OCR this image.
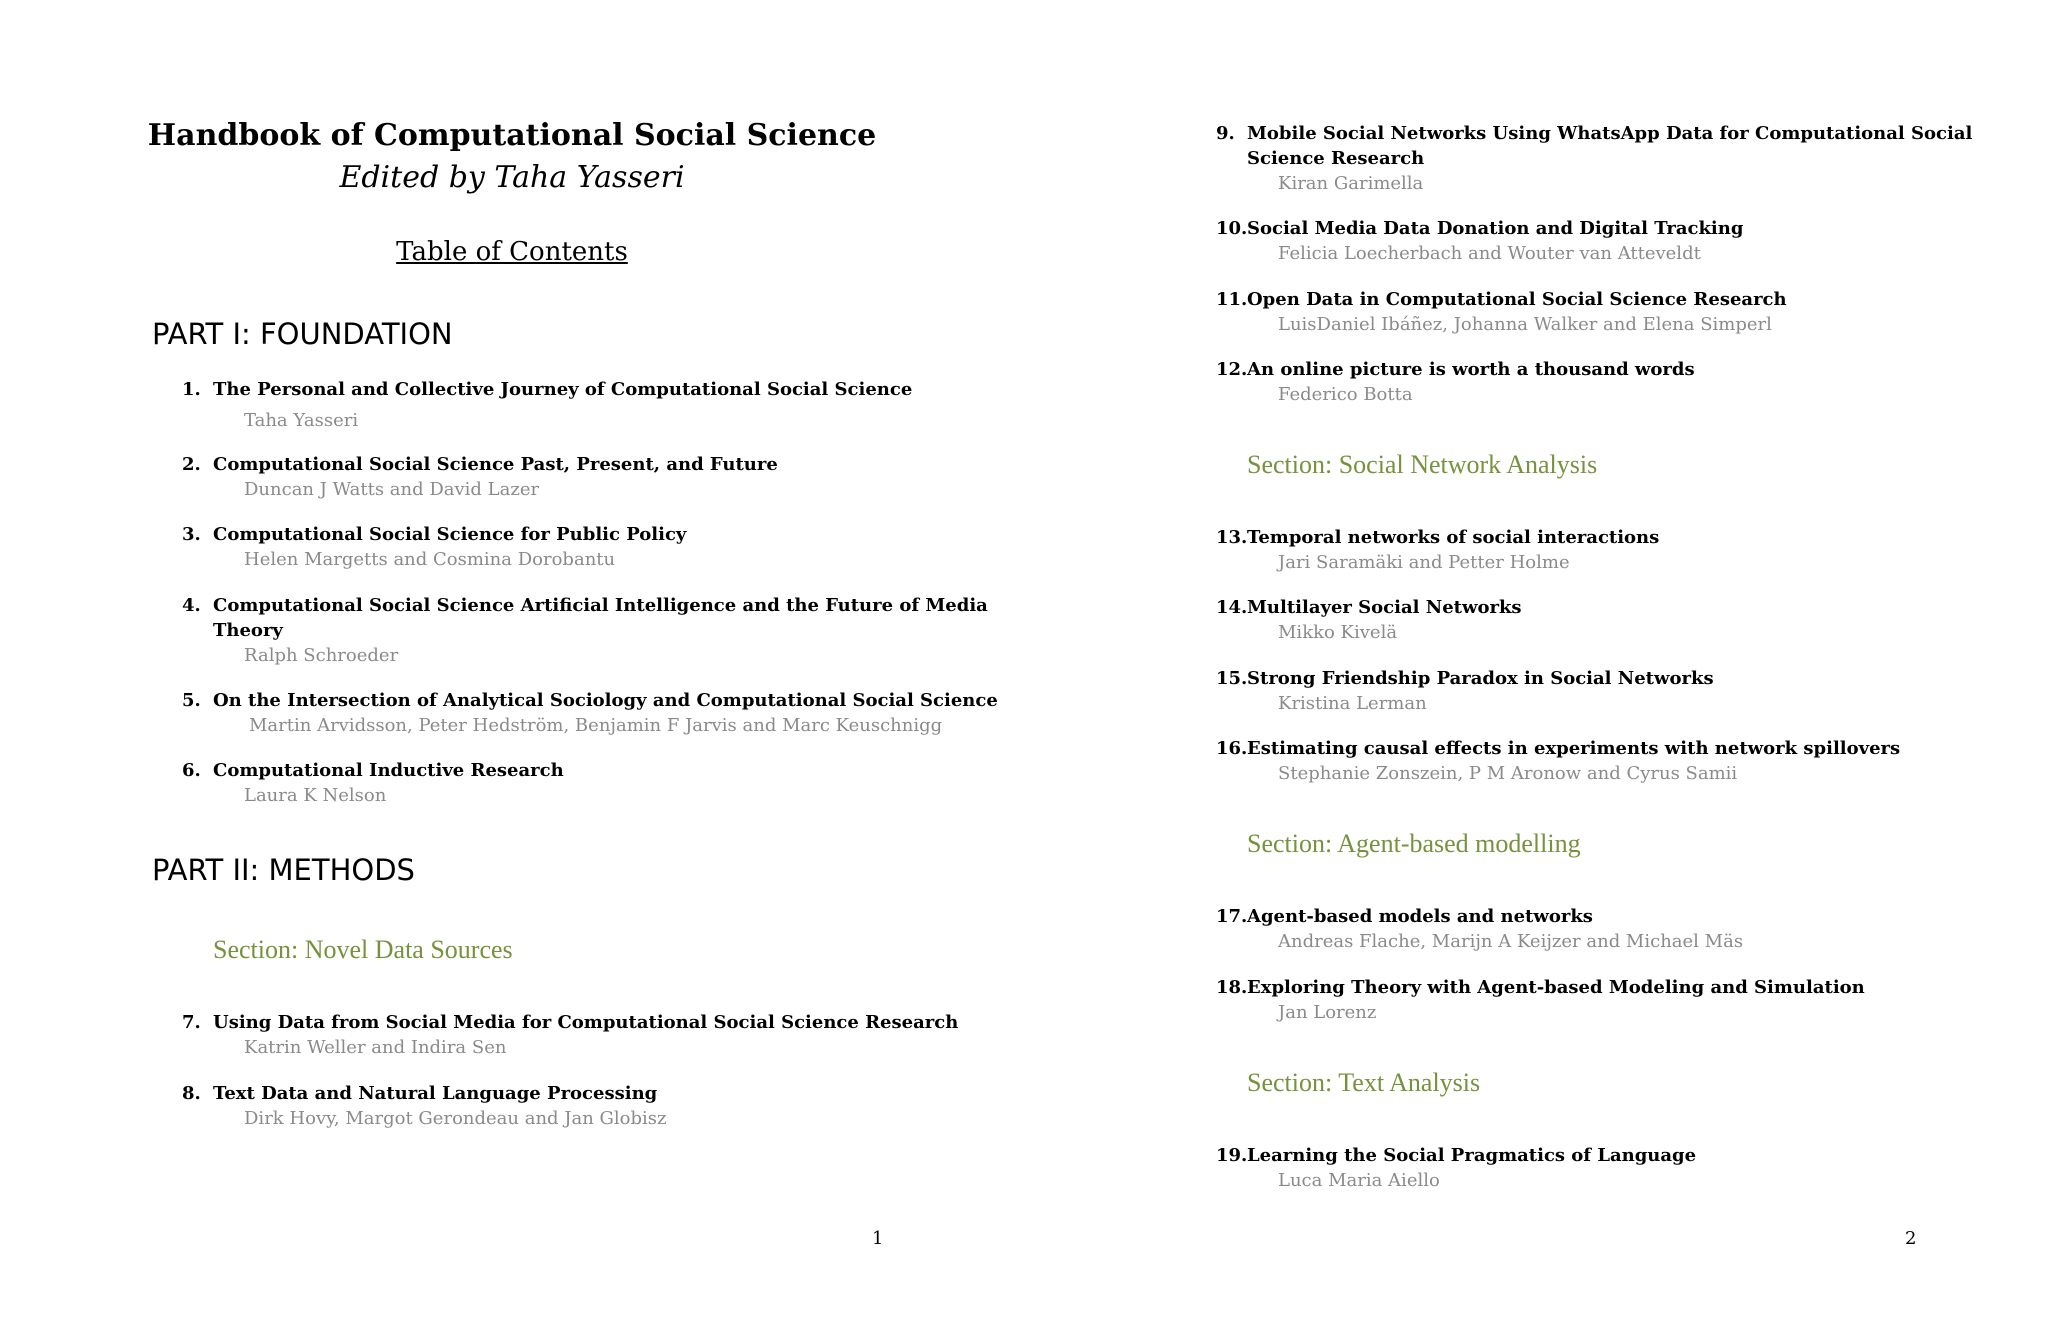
Handbook of Computational Social Science
Edited by Taha Yasseri
Table of Contents
PART I: FOUNDATION
1. The Personal and Collective Journey of Computational Social Science
Taha Yasseri
2. Computational Social Science Past, Present, and Future
Duncan J Watts and David Lazer
3. Computational Social Science for Public Policy
Helen Margetts and Cosmina Dorobantu
4. Computational Social Science Artificial Intelligence and the Future of Media
Theory
Ralph Schroeder
5. On the Intersection of Analytical Sociology and Computational Social Science
Martin Arvidsson, Peter Hedström, Benjamin F Jarvis and Marc Keuschnigg
6. Computational Inductive Research
Laura K Nelson
PART II: METHODS
Section: Novel Data Sources
7. Using Data from Social Media for Computational Social Science Research
Katrin Weller and Indira Sen
8. Text Data and Natural Language Processing
Dirk Hovy, Margot Gerondeau and Jan Globisz
1
9. Mobile Social Networks Using WhatsApp Data for Computational Social
Science Research
Kiran Garimella
10. Social Media Data Donation and Digital Tracking
Felicia Loecherbach and Wouter van Atteveldt
11. Open Data in Computational Social Science Research
LuisDaniel Ibáñez, Johanna Walker and Elena Simperl
12. An online picture is worth a thousand words
Federico Botta
Section: Social Network Analysis
13. Temporal networks of social interactions
Jari Saramäki and Petter Holme
14. Multilayer Social Networks
Mikko Kivelä
15. Strong Friendship Paradox in Social Networks
Kristina Lerman
16. Estimating causal effects in experiments with network spillovers
Stephanie Zonszein, P M Aronow and Cyrus Samii
Section: Agent-based modelling
17. Agent-based models and networks
Andreas Flache, Marijn A Keijzer and Michael Mäs
18. Exploring Theory with Agent-based Modeling and Simulation
Jan Lorenz
Section: Text Analysis
19. Learning the Social Pragmatics of Language
Luca Maria Aiello
2
